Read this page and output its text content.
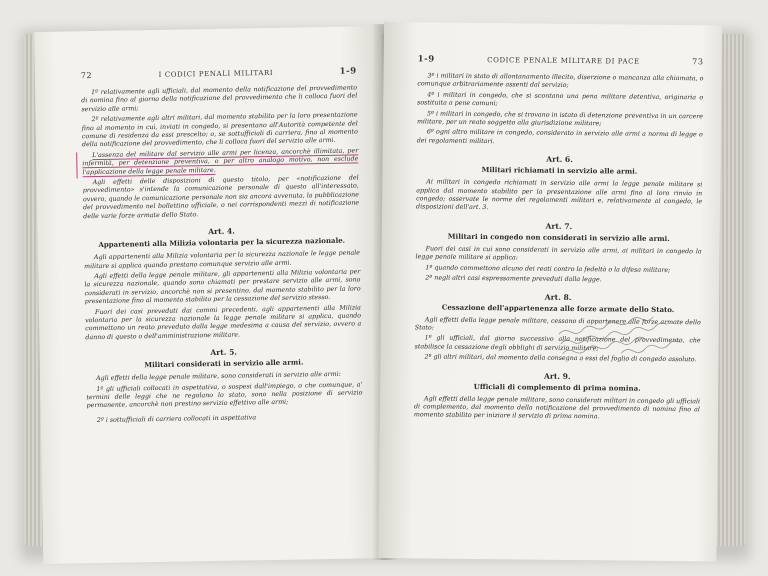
72	I CODICI PENALI MILITARI	1-9

1º relativamente agli ufficiali, dal momento della notificazione del provvedimento di nomina fino al giorno della notificazione del provvedimento che li colloca fuori del servizio alle armi;

2º relativamente agli altri militari, dal momento stabilito per la loro presentazione fino al momento in cui, inviati in congedo, si presentano all'Autorità competente del comune di residenza da essi prescelto; o, se sottufficiali di carriera, fino al momento della notificazione del provvedimento, che li colloca fuori del servizio alle armi.

L'assenza del militare dal servizio alle armi per licenza, ancorchè illimitata, per infermità, per detenzione preventiva, o per altro analogo motivo, non esclude l'applicazione della legge penale militare.

Agli effetti delle disposizioni di questo titolo, per «notificazione del provvedimento» s'intende la comunicazione personale di questo all'interessato, ovvero, quando le comunicazione personale non sia ancora avvenuta, la pubblicazione del provvedimento nel bollettino ufficiale, o nei corrispondenti mezzi di notificazione delle varie forze armate dello Stato.

Art. 4.
Appartenenti alla Milizia volontaria per la sicurezza nazionale.

Agli appartenenti alla Milizia volontaria per la sicurezza nazionale le legge penale militare si applica quando prestano comunque servizio alle armi.

Agli effetti della legge penale militare, gli appartenenti alla Milizia volontaria per la sicurezza nazionale, quando sono chiamati per prestare servizio alle armi, sono considerati in servizio, ancorchè non si presentino, dal momento stabilito per la loro presentazione fino al momento stabilito per la cessazione del servizio stesso.

Fuori dei casi preveduti dai commi precedenti, agli appartenenti alla Milizia volontaria per la sicurezza nazionale la legge penale militare si applica, quando commettono un reato preveduto dalla legge medesima a causa del servizio, ovvero a danno di questo o dell'amministrazione militare.

Art. 5.
Militari considerati in servizio alle armi.

Agli effetti della legge penale militare, sono considerati in servizio alle armi:

1º gli ufficiali collocati in aspettativa, o sospesi dall'impiego, o che comunque, a' termini delle leggi che ne regolano lo stato, sono nella posizione di servizio permanente, ancorchè non prestino servizio effettivo alle armi;

2º i sottufficiali di carriera collocati in aspettativa

1-9	CODICE PENALE MILITARE DI PACE	73

3º i militari in stato di allontanamento illecito, diserzione o mancanza alla chiamata, o comunque arbitrariamente assenti dal servizio;

4º i militari in congedo, che si scontano una pena militare detentiva, originaria o sostituita a pene comuni;

5º i militari in congedo, che si trovano in istato di detenzione preventiva in un carcere militare, per un reato soggetto alla giurisdizione militare;

6º ogni altro militare in congedo, considerato in servizio alle armi a norma di legge o dei regolamenti militari.

Art. 6.
Militari richiamati in servizio alle armi.

Ai militari in congedo richiamati in servizio alle armi la legge penale militare si applica dal momento stabilito per la presentazione alle armi fino al loro rinvio in congedo; osservate le norme dei regolamenti militari e, relativamente al congedo, le disposizioni dell'art. 3.

Art. 7.
Militari in congedo non considerati in servizio alle armi.

Fuori dei casi in cui sono considerati in servizio alle armi, ai militari in congedo la legge penale militare si applica:

1º quando commettono alcuno dei reati contro la fedeltà o la difesa militare;

2º negli altri casi espressamente preveduti dalla legge.

Art. 8.
Cessazione dell'appartenenza alle forze armate dello Stato.

Agli effetti della legge penale militare, cessano di appartenere alle forze armate dello Stato:

1º gli ufficiali, dal giorno successivo alla notificazione del provvedimento, che stabilisce la cessazione degli obblighi di servizio militare;

2º gli altri militari, dal momento della consegna a essi del foglio di congedo assoluto.

Art. 9.
Ufficiali di complemento di prima nomina.

Agli effetti della legge penale militare, sono considerati militari in congedo gli ufficiali di complemento, dal momento della notificazione del provvedimento di nomina fino al momento stabilito per iniziare il servizio di prima nomina.
